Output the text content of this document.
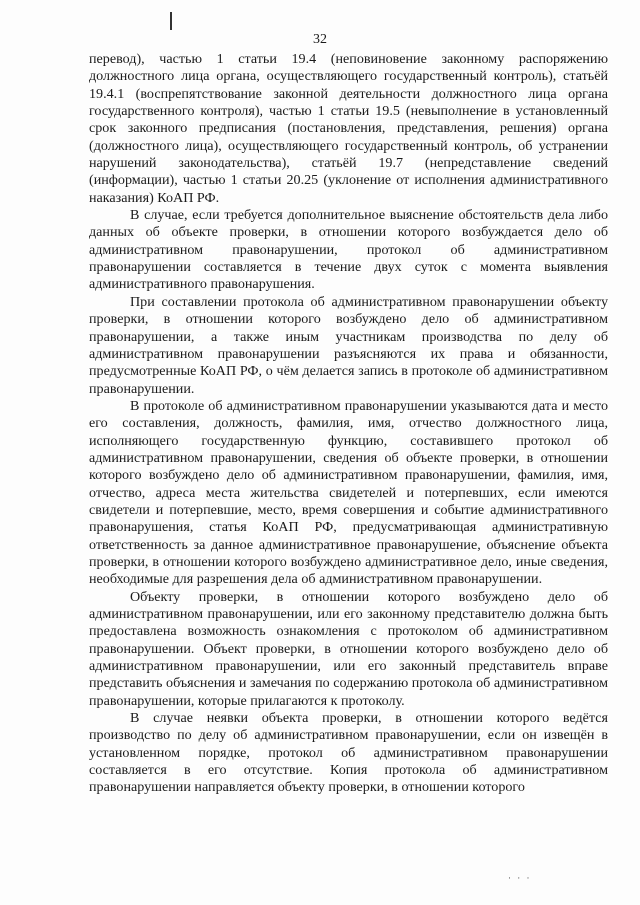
32

перевод), частью 1 статьи 19.4 (неповиновение законному распоряжению должностного лица органа, осуществляющего государственный контроль), статьёй 19.4.1 (воспрепятствование законной деятельности должностного лица органа государственного контроля), частью 1 статьи 19.5 (невыполнение в установленный срок законного предписания (постановления, представления, решения) органа (должностного лица), осуществляющего государственный контроль, об устранении нарушений законодательства), статьёй 19.7 (непредставление сведений (информации), частью 1 статьи 20.25 (уклонение от исполнения административного наказания) КоАП РФ.

В случае, если требуется дополнительное выяснение обстоятельств дела либо данных об объекте проверки, в отношении которого возбуждается дело об административном правонарушении, протокол об административном правонарушении составляется в течение двух суток с момента выявления административного правонарушения.

При составлении протокола об административном правонарушении объекту проверки, в отношении которого возбуждено дело об административном правонарушении, а также иным участникам производства по делу об административном правонарушении разъясняются их права и обязанности, предусмотренные КоАП РФ, о чём делается запись в протоколе об административном правонарушении.

В протоколе об административном правонарушении указываются дата и место его составления, должность, фамилия, имя, отчество должностного лица, исполняющего государственную функцию, составившего протокол об административном правонарушении, сведения об объекте проверки, в отношении которого возбуждено дело об административном правонарушении, фамилия, имя, отчество, адреса места жительства свидетелей и потерпевших, если имеются свидетели и потерпевшие, место, время совершения и событие административного правонарушения, статья КоАП РФ, предусматривающая административную ответственность за данное административное правонарушение, объяснение объекта проверки, в отношении которого возбуждено административное дело, иные сведения, необходимые для разрешения дела об административном правонарушении.

Объекту проверки, в отношении которого возбуждено дело об административном правонарушении, или его законному представителю должна быть предоставлена возможность ознакомления с протоколом об административном правонарушении. Объект проверки, в отношении которого возбуждено дело об административном правонарушении, или его законный представитель вправе представить объяснения и замечания по содержанию протокола об административном правонарушении, которые прилагаются к протоколу.

В случае неявки объекта проверки, в отношении которого ведётся производство по делу об административном правонарушении, если он извещён в установленном порядке, протокол об административном правонарушении составляется в его отсутствие. Копия протокола об административном правонарушении направляется объекту проверки, в отношении которого

· · ·
